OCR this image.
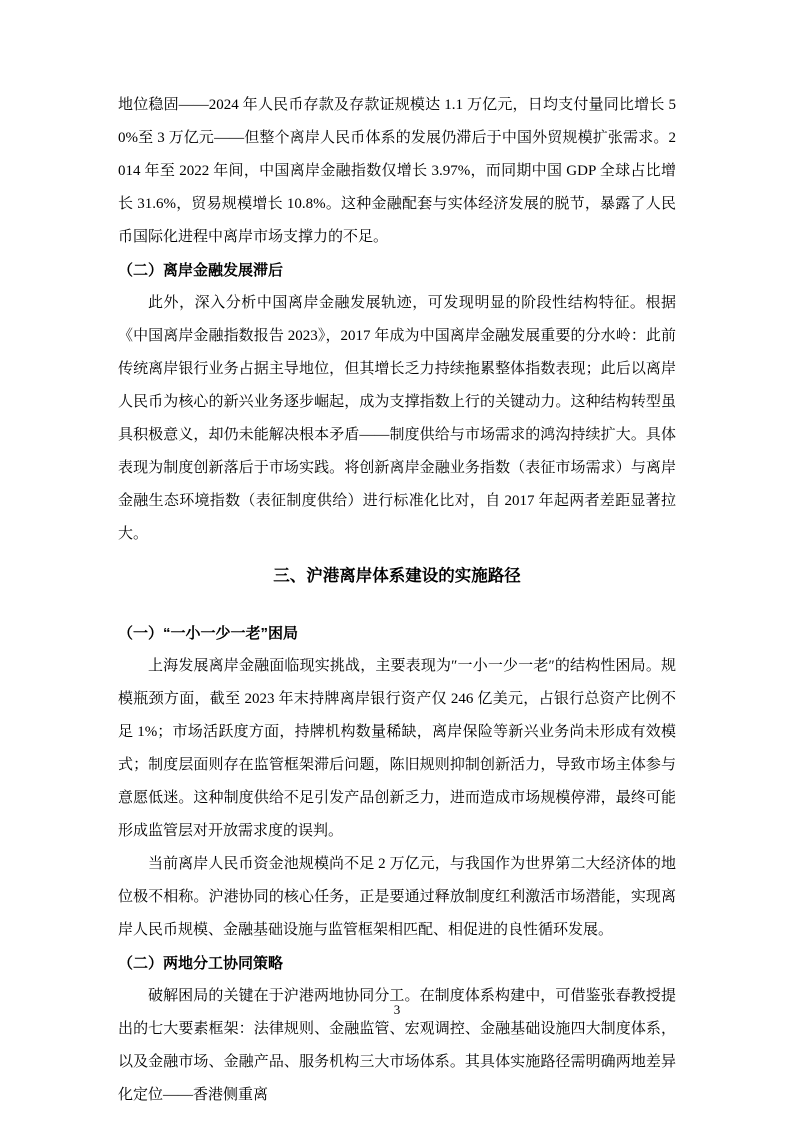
地位稳固——2024 年人民币存款及存款证规模达 1.1 万亿元，日均支付量同比增长 50%至 3 万亿元——但整个离岸人民币体系的发展仍滞后于中国外贸规模扩张需求。2014 年至 2022 年间，中国离岸金融指数仅增长 3.97%，而同期中国 GDP 全球占比增长 31.6%，贸易规模增长 10.8%。这种金融配套与实体经济发展的脱节，暴露了人民币国际化进程中离岸市场支撑力的不足。

（二）离岸金融发展滞后

此外，深入分析中国离岸金融发展轨迹，可发现明显的阶段性结构特征。根据《中国离岸金融指数报告 2023》，2017 年成为中国离岸金融发展重要的分水岭：此前传统离岸银行业务占据主导地位，但其增长乏力持续拖累整体指数表现；此后以离岸人民币为核心的新兴业务逐步崛起，成为支撑指数上行的关键动力。这种结构转型虽具积极意义，却仍未能解决根本矛盾——制度供给与市场需求的鸿沟持续扩大。具体表现为制度创新落后于市场实践。将创新离岸金融业务指数（表征市场需求）与离岸金融生态环境指数（表征制度供给）进行标准化比对，自 2017 年起两者差距显著拉大。

三、沪港离岸体系建设的实施路径
（一）“一小一少一老”困局

上海发展离岸金融面临现实挑战，主要表现为″一小一少一老″的结构性困局。规模瓶颈方面，截至 2023 年末持牌离岸银行资产仅 246 亿美元，占银行总资产比例不足 1%；市场活跃度方面，持牌机构数量稀缺，离岸保险等新兴业务尚未形成有效模式；制度层面则存在监管框架滞后问题，陈旧规则抑制创新活力，导致市场主体参与意愿低迷。这种制度供给不足引发产品创新乏力，进而造成市场规模停滞，最终可能形成监管层对开放需求度的误判。

当前离岸人民币资金池规模尚不足 2 万亿元，与我国作为世界第二大经济体的地位极不相称。沪港协同的核心任务，正是要通过释放制度红利激活市场潜能，实现离岸人民币规模、金融基础设施与监管框架相匹配、相促进的良性循环发展。

（二）两地分工协同策略

破解困局的关键在于沪港两地协同分工。在制度体系构建中，可借鉴张春教授提出的七大要素框架：法律规则、金融监管、宏观调控、金融基础设施四大制度体系，以及金融市场、金融产品、服务机构三大市场体系。其具体实施路径需明确两地差异化定位——香港侧重离

3
